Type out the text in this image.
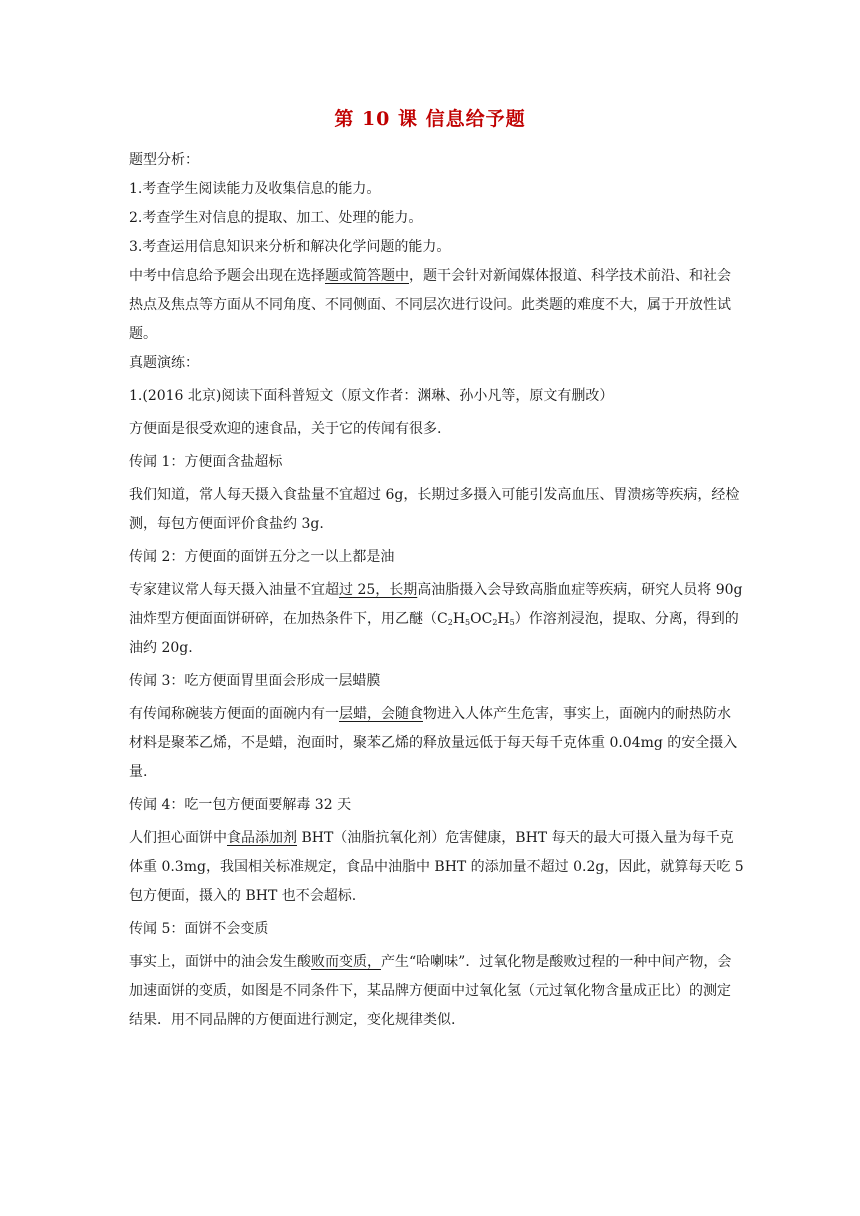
第 10 课 信息给予题

题型分析：

1.考查学生阅读能力及收集信息的能力。

2.考查学生对信息的提取、加工、处理的能力。

3.考查运用信息知识来分析和解决化学问题的能力。

中考中信息给予题会出现在选择题或简答题中，题干会针对新闻媒体报道、科学技术前沿、和社会热点及焦点等方面从不同角度、不同侧面、不同层次进行设问。此类题的难度不大，属于开放性试题。

真题演练：

1.(2016 北京)阅读下面科普短文（原文作者：渊琳、孙小凡等，原文有删改）

方便面是很受欢迎的速食品，关于它的传闻有很多.

传闻 1：方便面含盐超标

我们知道，常人每天摄入食盐量不宜超过 6g，长期过多摄入可能引发高血压、胃溃疡等疾病，经检测，每包方便面评价食盐约 3g.

传闻 2：方便面的面饼五分之一以上都是油

专家建议常人每天摄入油量不宜超过 25，长期高油脂摄入会导致高脂血症等疾病，研究人员将 90g 油炸型方便面面饼研碎，在加热条件下，用乙醚$(C_2H_5OC_2H_5)$作溶剂浸泡，提取、分离，得到的油约 20g.

传闻 3：吃方便面胃里面会形成一层蜡膜

有传闻称碗装方便面的面碗内有一层蜡，会随食物进入人体产生危害，事实上，面碗内的耐热防水材料是聚苯乙烯，不是蜡，泡面时，聚苯乙烯的释放量远低于每天每千克体重 0.04mg 的安全摄入量.

传闻 4：吃一包方便面要解毒 32 天

人们担心面饼中食品添加剂 BHT（油脂抗氧化剂）危害健康，BHT 每天的最大可摄入量为每千克体重 0.3mg，我国相关标准规定，食品中油脂中 BHT 的添加量不超过 0.2g，因此，就算每天吃 5 包方便面，摄入的 BHT 也不会超标.

传闻 5：面饼不会变质

事实上，面饼中的油会发生酸败而变质，产生“哈喇味”．过氧化物是酸败过程的一种中间产物，会加速面饼的变质，如图是不同条件下，某品牌方便面中过氧化氢（元过氧化物含量成正比）的测定结果．用不同品牌的方便面进行测定，变化规律类似.
